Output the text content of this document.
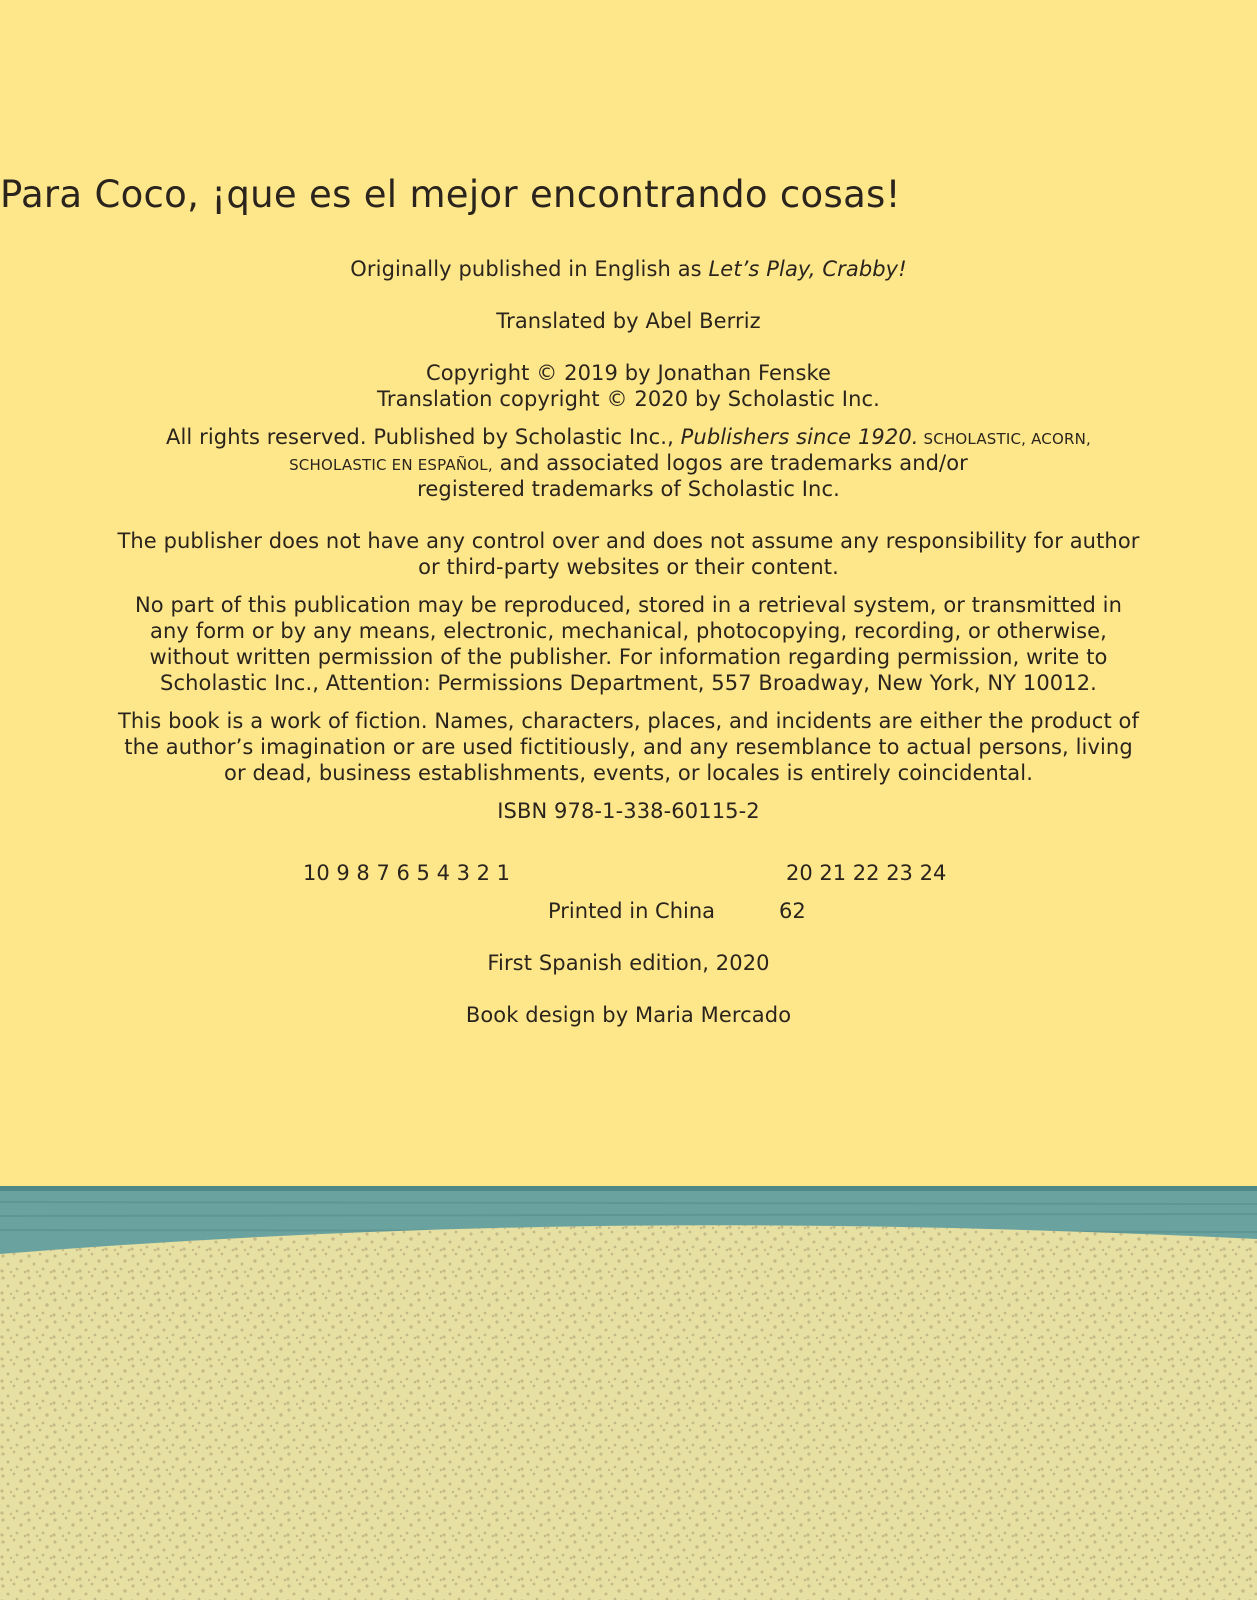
Para Coco, ¡que es el mejor encontrando cosas!
Originally published in English as Let’s Play, Crabby!
Translated by Abel Berriz
Copyright © 2019 by Jonathan Fenske
Translation copyright © 2020 by Scholastic Inc.
All rights reserved. Published by Scholastic Inc., Publishers since 1920. SCHOLASTIC, ACORN,
SCHOLASTIC EN ESPAÑOL, and associated logos are trademarks and/or
registered trademarks of Scholastic Inc.
The publisher does not have any control over and does not assume any responsibility for author
or third-party websites or their content.
No part of this publication may be reproduced, stored in a retrieval system, or transmitted in
any form or by any means, electronic, mechanical, photocopying, recording, or otherwise,
without written permission of the publisher. For information regarding permission, write to
Scholastic Inc., Attention: Permissions Department, 557 Broadway, New York, NY 10012.
This book is a work of fiction. Names, characters, places, and incidents are either the product of
the author’s imagination or are used fictitiously, and any resemblance to actual persons, living
or dead, business establishments, events, or locales is entirely coincidental.
ISBN 978-1-338-60115-2
10 9 8 7 6 5 4 3 2 1	20 21 22 23 24
Printed in China	62
First Spanish edition, 2020
Book design by Maria Mercado
